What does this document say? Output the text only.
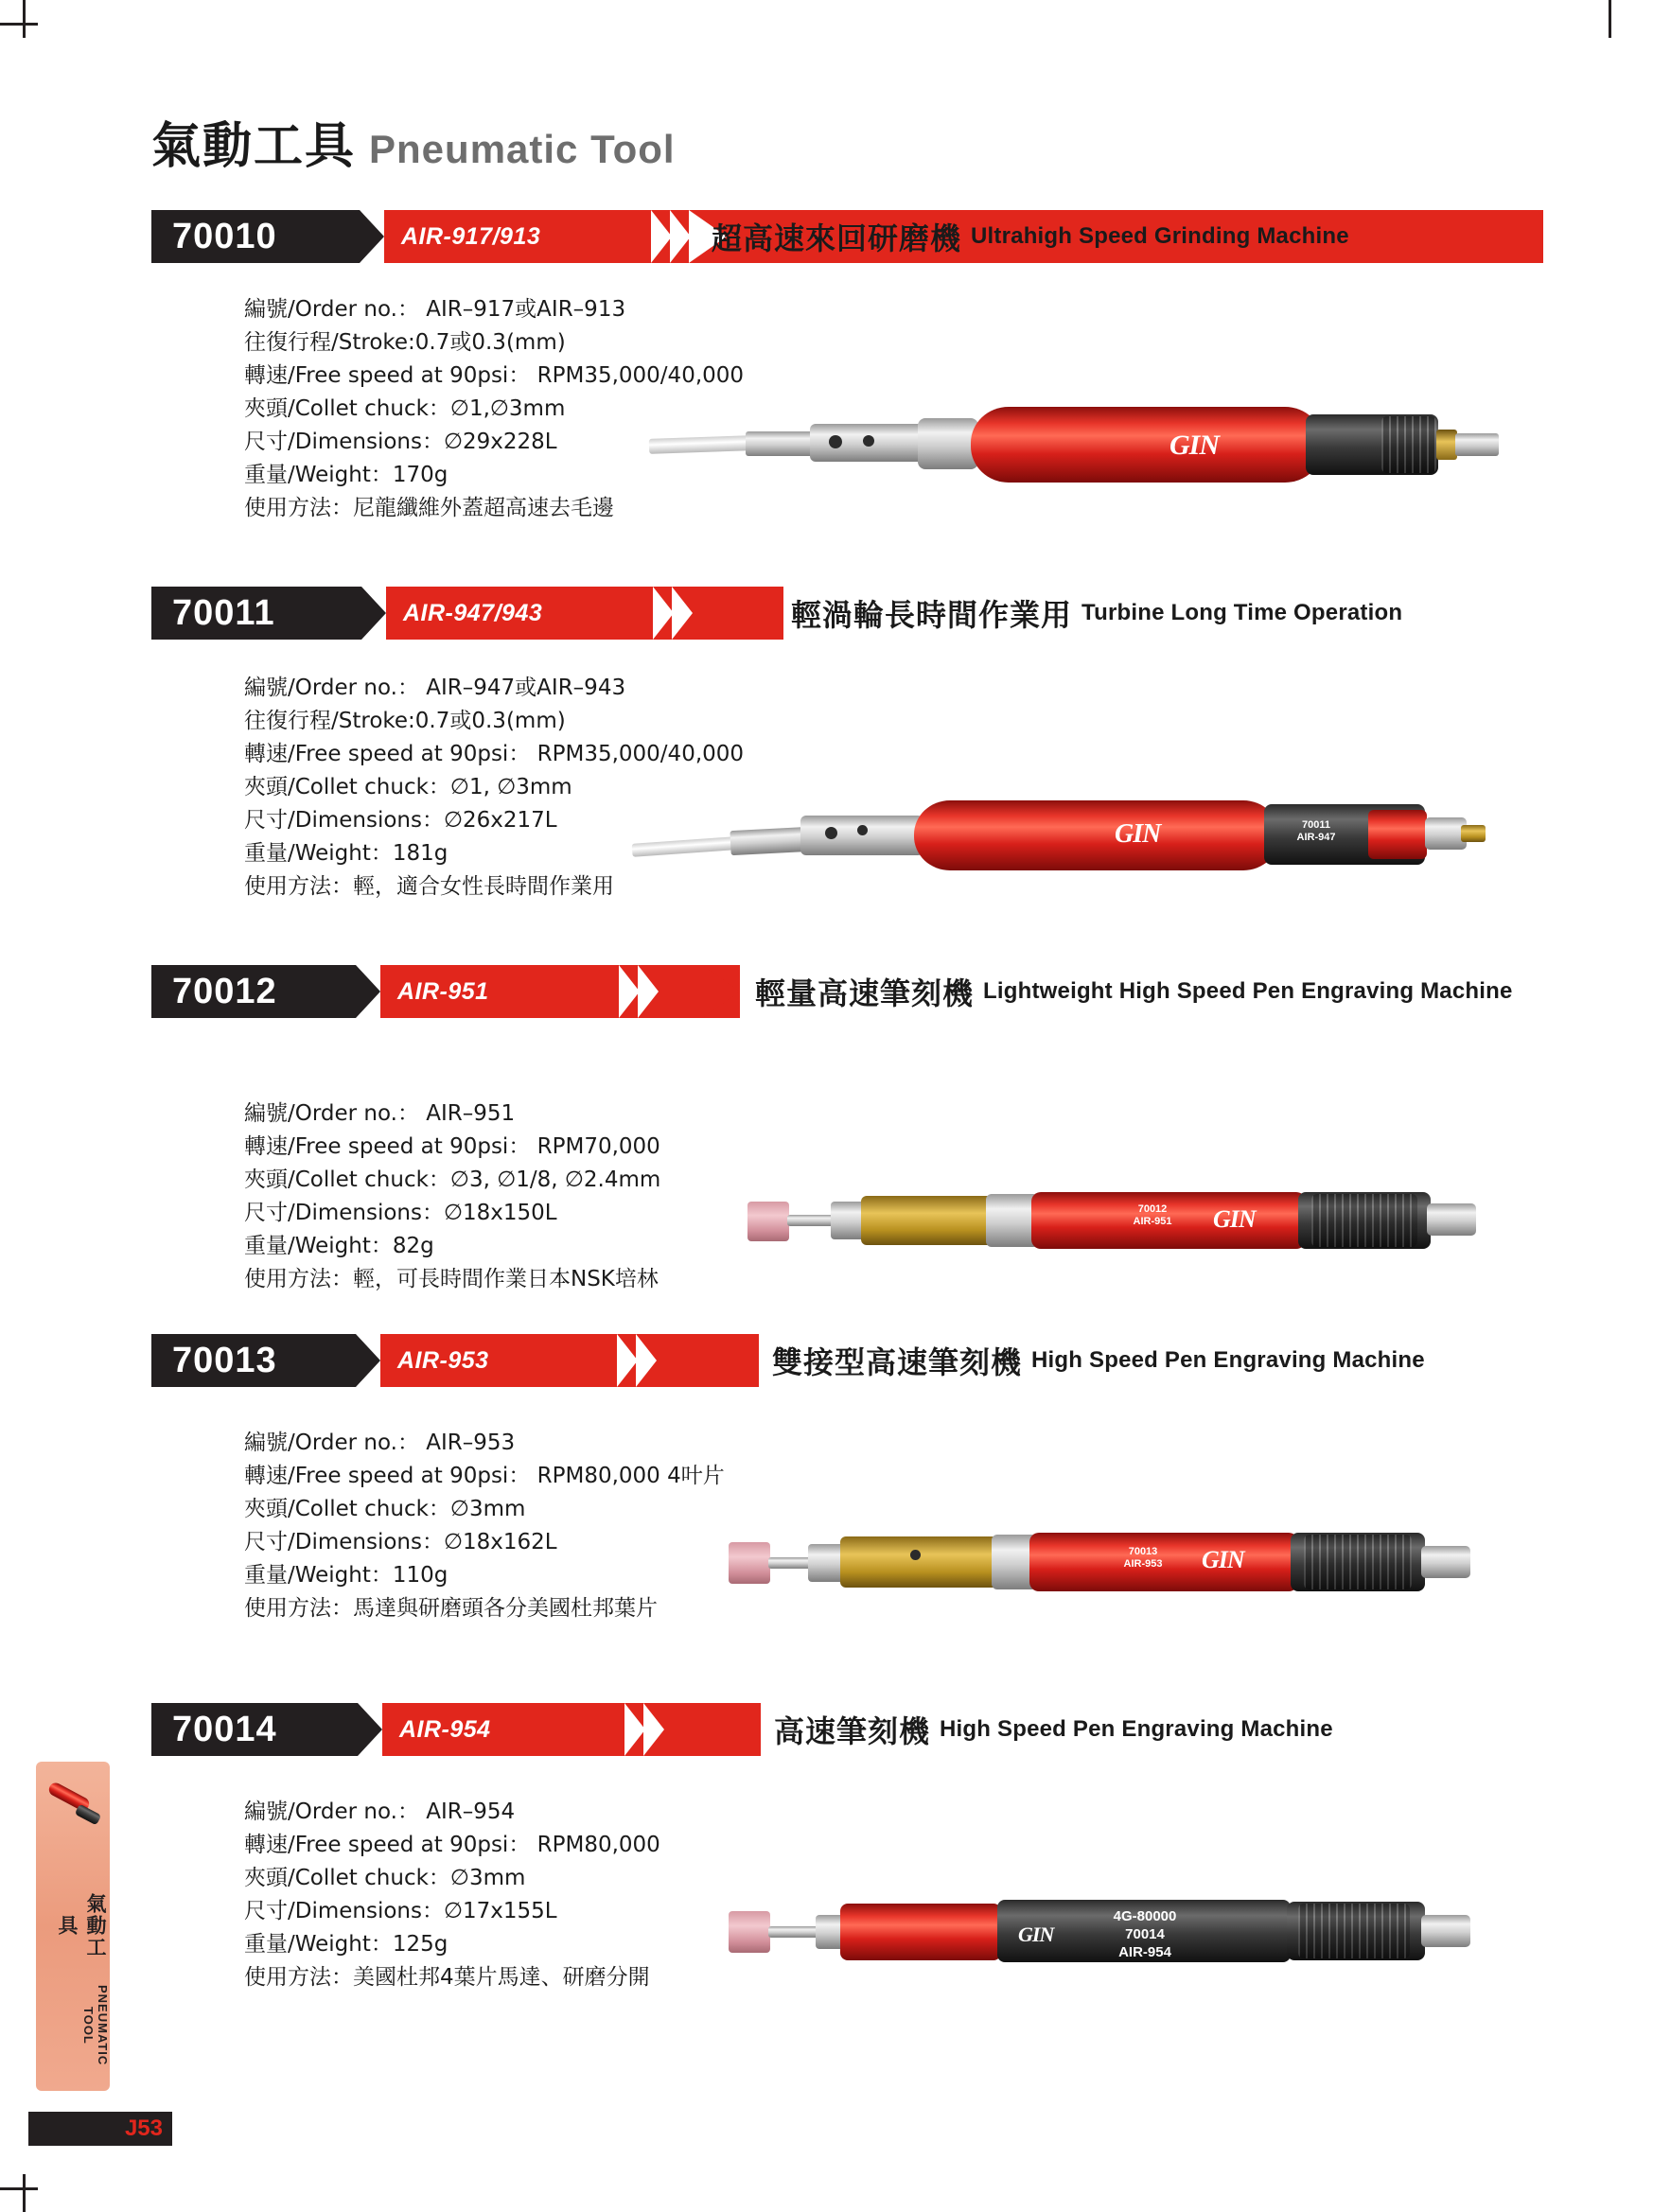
氣動工具 Pneumatic Tool
70010	AIR-917/913	超高速來回研磨機 Ultrahigh Speed Grinding Machine
編號/Order no.： AIR–917或AIR–913
往復行程/Stroke:0.7或0.3(mm)
轉速/Free speed at 90psi： RPM35,000/40,000
夾頭/Collet chuck：∅1,∅3mm
尺寸/Dimensions：∅29x228L
重量/Weight：170g
使用方法：尼龍纖維外蓋超高速去毛邊
GIN
70011	AIR-947/943	輕渦輪長時間作業用 Turbine Long Time Operation
編號/Order no.： AIR–947或AIR–943
往復行程/Stroke:0.7或0.3(mm)
轉速/Free speed at 90psi： RPM35,000/40,000
夾頭/Collet chuck：∅1, ∅3mm
尺寸/Dimensions：∅26x217L
重量/Weight：181g
使用方法：輕，適合女性長時間作業用
GIN	70011
AIR-947
70012	AIR-951	輕量高速筆刻機 Lightweight High Speed Pen Engraving Machine
編號/Order no.： AIR–951
轉速/Free speed at 90psi： RPM70,000
夾頭/Collet chuck：∅3, ∅1/8, ∅2.4mm
尺寸/Dimensions：∅18x150L
重量/Weight：82g
使用方法：輕，可長時間作業日本NSK培林
70012
AIR-951	GIN
70013	AIR-953	雙接型高速筆刻機 High Speed Pen Engraving Machine
編號/Order no.： AIR–953
轉速/Free speed at 90psi： RPM80,000 4叶片
夾頭/Collet chuck：∅3mm
尺寸/Dimensions：∅18x162L
重量/Weight：110g
使用方法：馬達與研磨頭各分美國杜邦葉片
70013
AIR-953	GIN
70014	AIR-954	高速筆刻機 High Speed Pen Engraving Machine
編號/Order no.： AIR–954
轉速/Free speed at 90psi： RPM80,000
夾頭/Collet chuck：∅3mm
尺寸/Dimensions：∅17x155L
重量/Weight：125g
使用方法：美國杜邦4葉片馬達、研磨分開
4G-80000
70014
AIR-954
GIN
氣動工具
PNEUMATIC TOOL
J53
